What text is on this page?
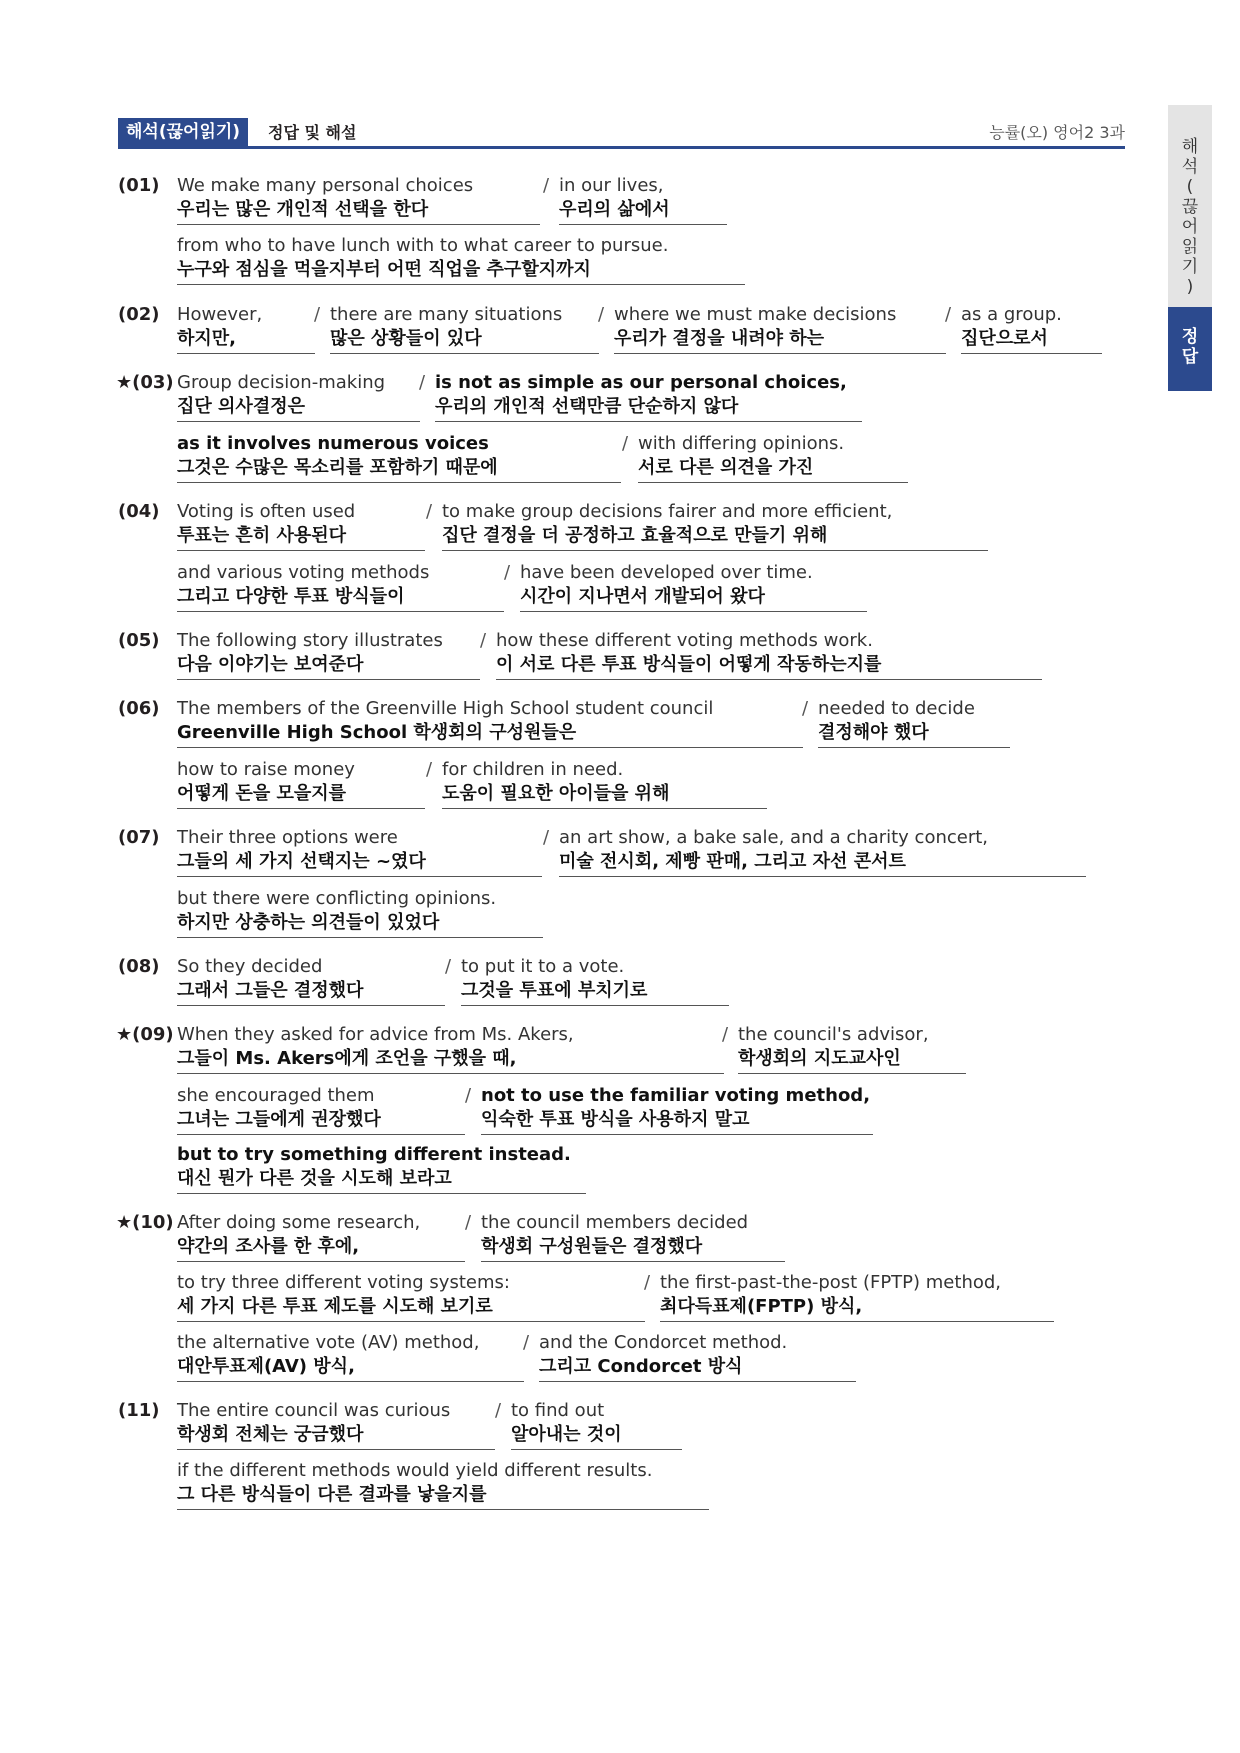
해석(끊어읽기)	정답 및 해설	능률(오) 영어2 3과
해
석
(
끊
어
읽
기
)
정
답
(01) We make many personal choices
우리는 많은 개인적 선택을 한다
/ in our lives,
우리의 삶에서
from who to have lunch with to what career to pursue.
누구와 점심을 먹을지부터 어떤 직업을 추구할지까지
(02) However,
하지만,
/ there are many situations
많은 상황들이 있다
/ where we must make decisions
우리가 결정을 내려야 하는
/ as a group.
집단으로서
★(03) Group decision-making
집단 의사결정은
/ is not as simple as our personal choices,
우리의 개인적 선택만큼 단순하지 않다
as it involves numerous voices
그것은 수많은 목소리를 포함하기 때문에
/ with differing opinions.
서로 다른 의견을 가진
(04) Voting is often used
투표는 흔히 사용된다
/ to make group decisions fairer and more efficient,
집단 결정을 더 공정하고 효율적으로 만들기 위해
and various voting methods
그리고 다양한 투표 방식들이
/ have been developed over time.
시간이 지나면서 개발되어 왔다
(05) The following story illustrates
다음 이야기는 보여준다
/ how these different voting methods work.
이 서로 다른 투표 방식들이 어떻게 작동하는지를
(06) The members of the Greenville High School student council
Greenville High School 학생회의 구성원들은
/ needed to decide
결정해야 했다
how to raise money
어떻게 돈을 모을지를
/ for children in need.
도움이 필요한 아이들을 위해
(07) Their three options were
그들의 세 가지 선택지는 ~였다
/ an art show, a bake sale, and a charity concert,
미술 전시회, 제빵 판매, 그리고 자선 콘서트
but there were conflicting opinions.
하지만 상충하는 의견들이 있었다
(08) So they decided
그래서 그들은 결정했다
/ to put it to a vote.
그것을 투표에 부치기로
★(09) When they asked for advice from Ms. Akers,
그들이 Ms. Akers에게 조언을 구했을 때,
/ the council's advisor,
학생회의 지도교사인
she encouraged them
그녀는 그들에게 권장했다
/ not to use the familiar voting method,
익숙한 투표 방식을 사용하지 말고
but to try something different instead.
대신 뭔가 다른 것을 시도해 보라고
★(10) After doing some research,
약간의 조사를 한 후에,
/ the council members decided
학생회 구성원들은 결정했다
to try three different voting systems:
세 가지 다른 투표 제도를 시도해 보기로
/ the first-past-the-post (FPTP) method,
최다득표제(FPTP) 방식,
the alternative vote (AV) method,
대안투표제(AV) 방식,
/ and the Condorcet method.
그리고 Condorcet 방식
(11) The entire council was curious
학생회 전체는 궁금했다
/ to find out
알아내는 것이
if the different methods would yield different results.
그 다른 방식들이 다른 결과를 낳을지를
